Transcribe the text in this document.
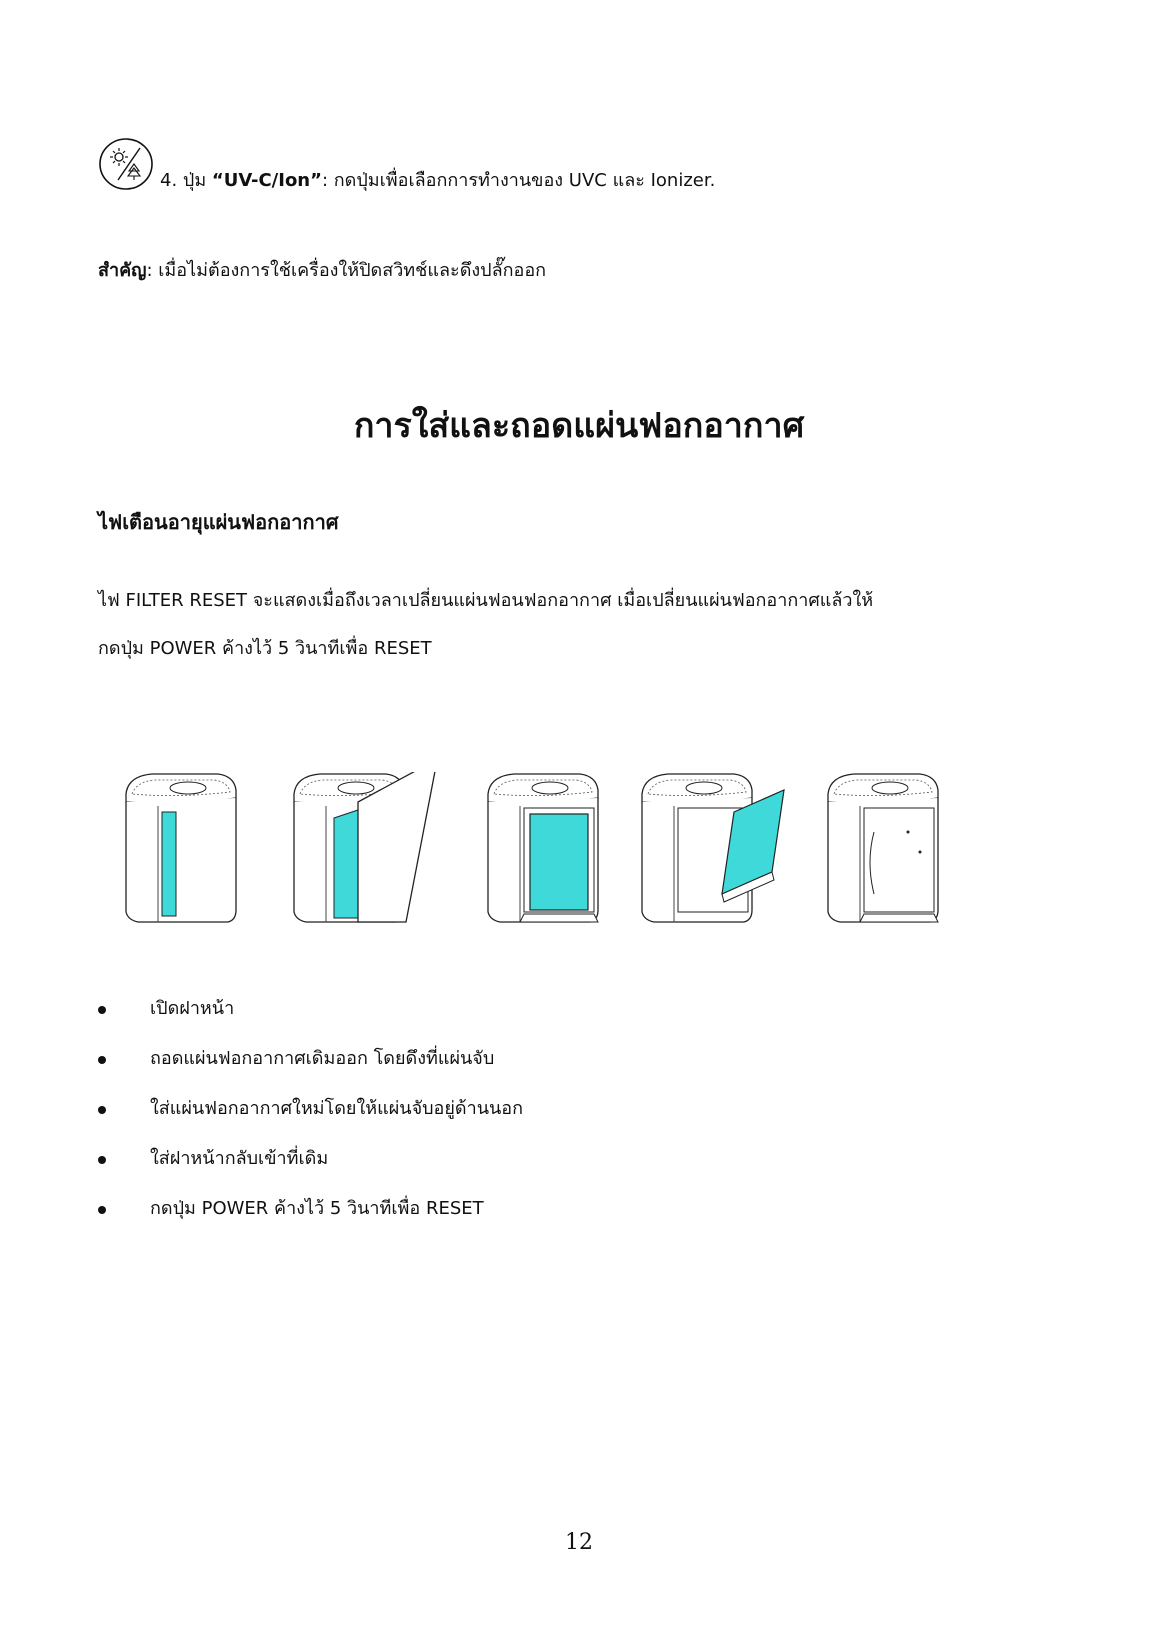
4. ปุ่ม “UV-C/Ion”: กดปุ่มเพื่อเลือกการทำงานของ UVC และ Ionizer.
สำคัญ: เมื่อไม่ต้องการใช้เครื่องให้ปิดสวิทช์และดึงปลั๊กออก
การใส่และถอดแผ่นฟอกอากาศ
ไฟเตือนอายุแผ่นฟอกอากาศ
ไฟ FILTER RESET จะแสดงเมื่อถึงเวลาเปลี่ยนแผ่นฟอนฟอกอากาศ เมื่อเปลี่ยนแผ่นฟอกอากาศแล้วให้
กดปุ่ม POWER ค้างไว้ 5 วินาทีเพื่อ RESET
เปิดฝาหน้า
ถอดแผ่นฟอกอากาศเดิมออก โดยดึงที่แผ่นจับ
ใส่แผ่นฟอกอากาศใหม่โดยให้แผ่นจับอยู่ด้านนอก
ใส่ฝาหน้ากลับเข้าที่เดิม
กดปุ่ม POWER ค้างไว้ 5 วินาทีเพื่อ RESET
12
